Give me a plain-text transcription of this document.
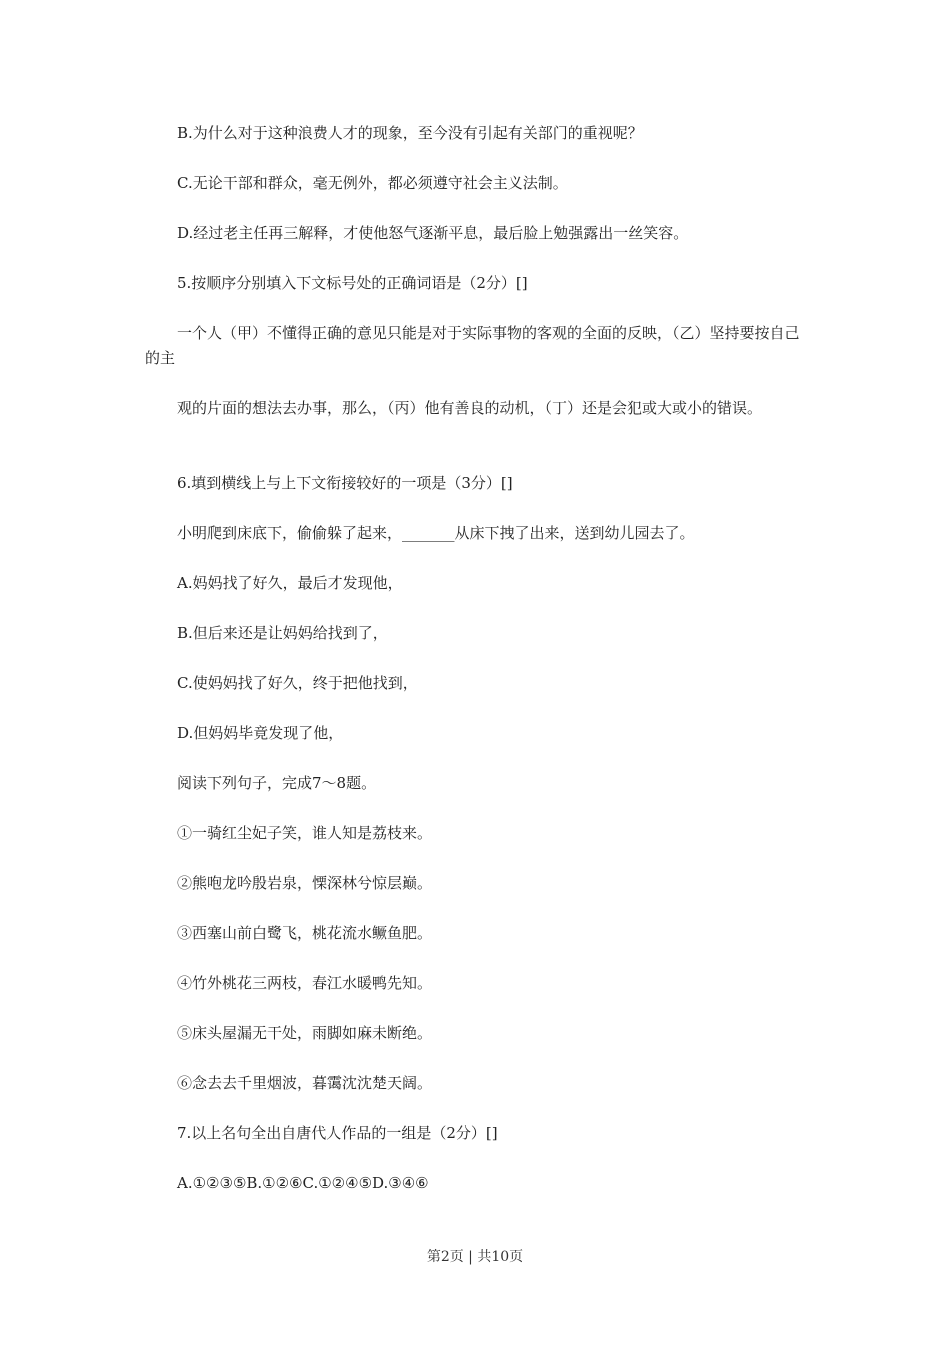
B.为什么对于这种浪费人才的现象，至今没有引起有关部门的重视呢？

C.无论干部和群众，毫无例外，都必须遵守社会主义法制。

D.经过老主任再三解释，才使他怒气逐渐平息，最后脸上勉强露出一丝笑容。

5.按顺序分别填入下文标号处的正确词语是（2分）[]

一个人（甲）不懂得正确的意见只能是对于实际事物的客观的全面的反映，（乙）坚持要按自己的主

观的片面的想法去办事，那么，（丙）他有善良的动机，（丁）还是会犯或大或小的错误。

6.填到横线上与上下文衔接较好的一项是（3分）[]

小明爬到床底下，偷偷躲了起来，_______从床下拽了出来，送到幼儿园去了。

A.妈妈找了好久，最后才发现他，

B.但后来还是让妈妈给找到了，

C.使妈妈找了好久，终于把他找到，

D.但妈妈毕竟发现了他，

阅读下列句子，完成7～8题。

①一骑红尘妃子笑，谁人知是荔枝来。

②熊咆龙吟殷岩泉，慄深林兮惊层巅。

③西塞山前白鹭飞，桃花流水鳜鱼肥。

④竹外桃花三两枝，春江水暖鸭先知。

⑤床头屋漏无干处，雨脚如麻未断绝。

⑥念去去千里烟波，暮霭沈沈楚天阔。

7.以上名句全出自唐代人作品的一组是（2分）[]

A.①②③⑤B.①②⑥C.①②④⑤D.③④⑥

第2页 | 共10页
